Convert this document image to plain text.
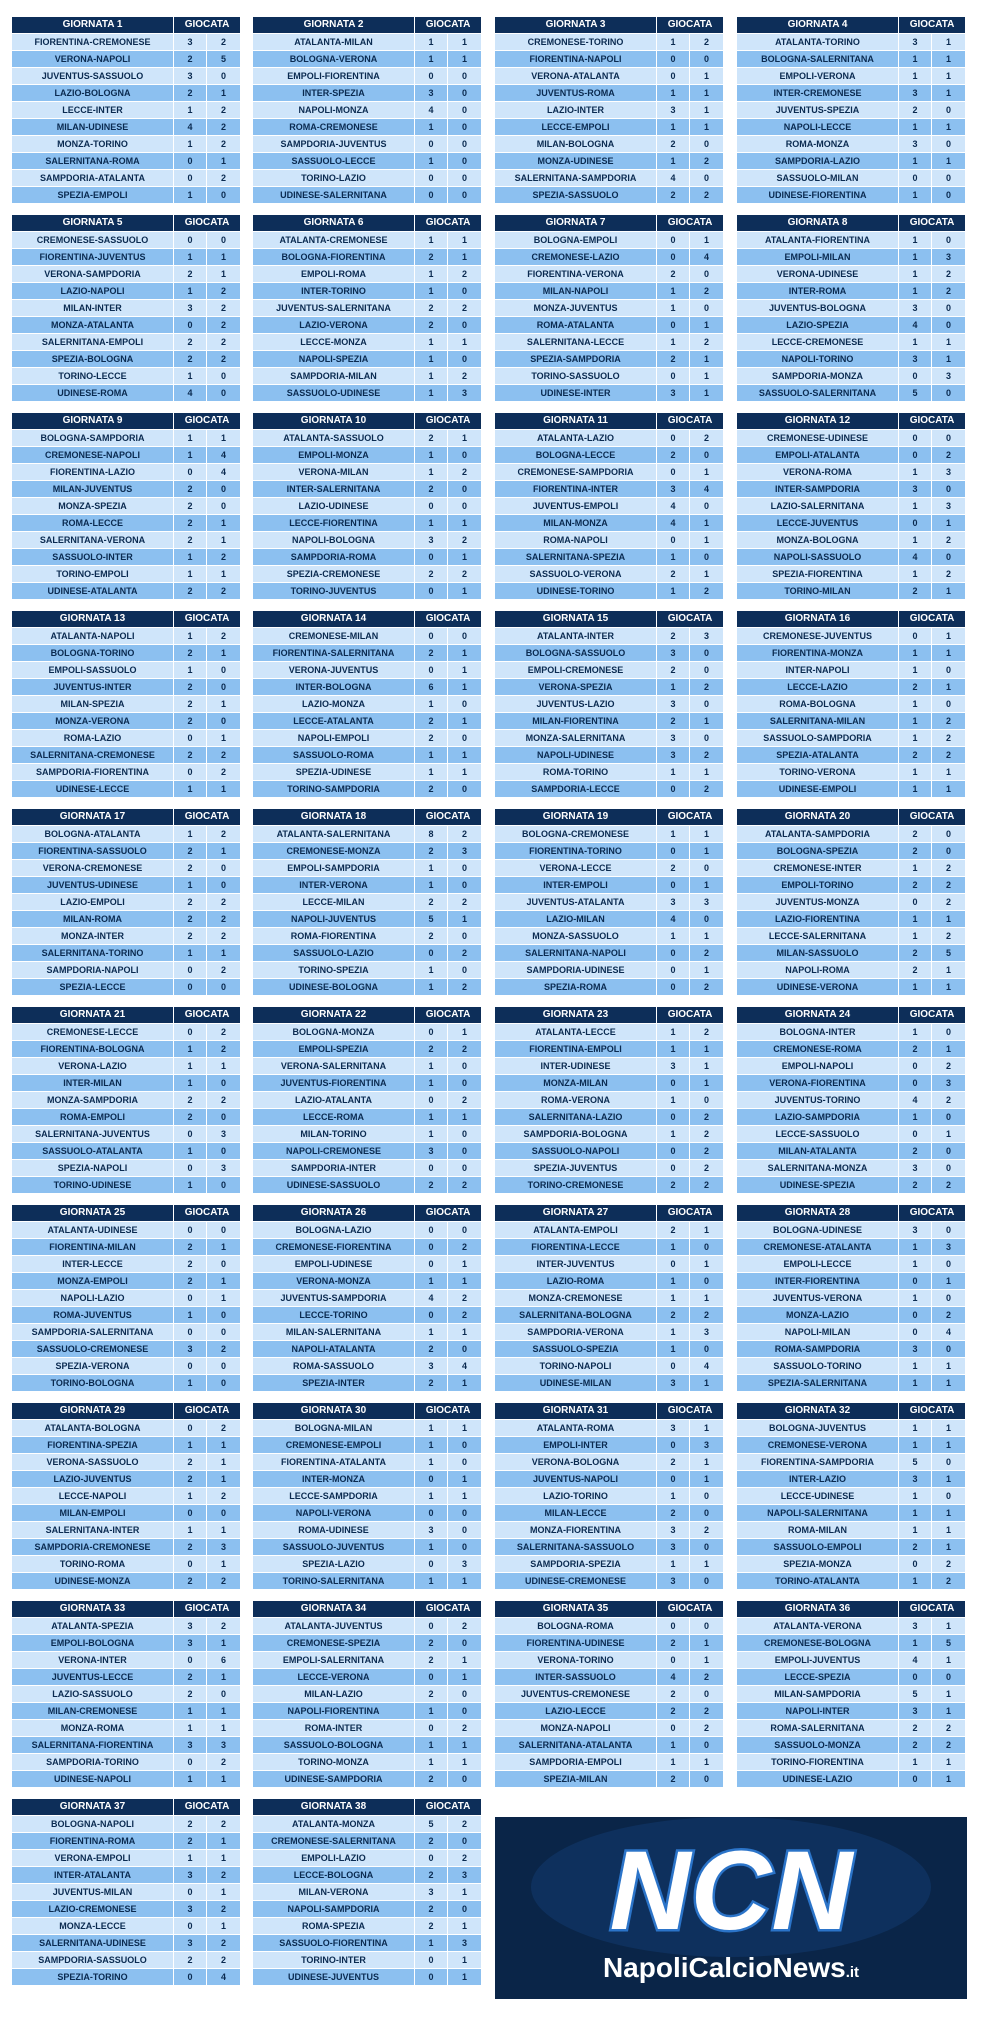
GIORNATA 1	GIOCATA	
FIORENTINA-CREMONESE	3	2
VERONA-NAPOLI	2	5
JUVENTUS-SASSUOLO	3	0
LAZIO-BOLOGNA	2	1
LECCE-INTER	1	2
MILAN-UDINESE	4	2
MONZA-TORINO	1	2
SALERNITANA-ROMA	0	1
SAMPDORIA-ATALANTA	0	2
SPEZIA-EMPOLI	1	0
GIORNATA 2	GIOCATA	
ATALANTA-MILAN	1	1
BOLOGNA-VERONA	1	1
EMPOLI-FIORENTINA	0	0
INTER-SPEZIA	3	0
NAPOLI-MONZA	4	0
ROMA-CREMONESE	1	0
SAMPDORIA-JUVENTUS	0	0
SASSUOLO-LECCE	1	0
TORINO-LAZIO	0	0
UDINESE-SALERNITANA	0	0
GIORNATA 3	GIOCATA	
CREMONESE-TORINO	1	2
FIORENTINA-NAPOLI	0	0
VERONA-ATALANTA	0	1
JUVENTUS-ROMA	1	1
LAZIO-INTER	3	1
LECCE-EMPOLI	1	1
MILAN-BOLOGNA	2	0
MONZA-UDINESE	1	2
SALERNITANA-SAMPDORIA	4	0
SPEZIA-SASSUOLO	2	2
GIORNATA 4	GIOCATA	
ATALANTA-TORINO	3	1
BOLOGNA-SALERNITANA	1	1
EMPOLI-VERONA	1	1
INTER-CREMONESE	3	1
JUVENTUS-SPEZIA	2	0
NAPOLI-LECCE	1	1
ROMA-MONZA	3	0
SAMPDORIA-LAZIO	1	1
SASSUOLO-MILAN	0	0
UDINESE-FIORENTINA	1	0
GIORNATA 5	GIOCATA	
CREMONESE-SASSUOLO	0	0
FIORENTINA-JUVENTUS	1	1
VERONA-SAMPDORIA	2	1
LAZIO-NAPOLI	1	2
MILAN-INTER	3	2
MONZA-ATALANTA	0	2
SALERNITANA-EMPOLI	2	2
SPEZIA-BOLOGNA	2	2
TORINO-LECCE	1	0
UDINESE-ROMA	4	0
GIORNATA 6	GIOCATA	
ATALANTA-CREMONESE	1	1
BOLOGNA-FIORENTINA	2	1
EMPOLI-ROMA	1	2
INTER-TORINO	1	0
JUVENTUS-SALERNITANA	2	2
LAZIO-VERONA	2	0
LECCE-MONZA	1	1
NAPOLI-SPEZIA	1	0
SAMPDORIA-MILAN	1	2
SASSUOLO-UDINESE	1	3
GIORNATA 7	GIOCATA	
BOLOGNA-EMPOLI	0	1
CREMONESE-LAZIO	0	4
FIORENTINA-VERONA	2	0
MILAN-NAPOLI	1	2
MONZA-JUVENTUS	1	0
ROMA-ATALANTA	0	1
SALERNITANA-LECCE	1	2
SPEZIA-SAMPDORIA	2	1
TORINO-SASSUOLO	0	1
UDINESE-INTER	3	1
GIORNATA 8	GIOCATA	
ATALANTA-FIORENTINA	1	0
EMPOLI-MILAN	1	3
VERONA-UDINESE	1	2
INTER-ROMA	1	2
JUVENTUS-BOLOGNA	3	0
LAZIO-SPEZIA	4	0
LECCE-CREMONESE	1	1
NAPOLI-TORINO	3	1
SAMPDORIA-MONZA	0	3
SASSUOLO-SALERNITANA	5	0
GIORNATA 9	GIOCATA	
BOLOGNA-SAMPDORIA	1	1
CREMONESE-NAPOLI	1	4
FIORENTINA-LAZIO	0	4
MILAN-JUVENTUS	2	0
MONZA-SPEZIA	2	0
ROMA-LECCE	2	1
SALERNITANA-VERONA	2	1
SASSUOLO-INTER	1	2
TORINO-EMPOLI	1	1
UDINESE-ATALANTA	2	2
GIORNATA 10	GIOCATA	
ATALANTA-SASSUOLO	2	1
EMPOLI-MONZA	1	0
VERONA-MILAN	1	2
INTER-SALERNITANA	2	0
LAZIO-UDINESE	0	0
LECCE-FIORENTINA	1	1
NAPOLI-BOLOGNA	3	2
SAMPDORIA-ROMA	0	1
SPEZIA-CREMONESE	2	2
TORINO-JUVENTUS	0	1
GIORNATA 11	GIOCATA	
ATALANTA-LAZIO	0	2
BOLOGNA-LECCE	2	0
CREMONESE-SAMPDORIA	0	1
FIORENTINA-INTER	3	4
JUVENTUS-EMPOLI	4	0
MILAN-MONZA	4	1
ROMA-NAPOLI	0	1
SALERNITANA-SPEZIA	1	0
SASSUOLO-VERONA	2	1
UDINESE-TORINO	1	2
GIORNATA 12	GIOCATA	
CREMONESE-UDINESE	0	0
EMPOLI-ATALANTA	0	2
VERONA-ROMA	1	3
INTER-SAMPDORIA	3	0
LAZIO-SALERNITANA	1	3
LECCE-JUVENTUS	0	1
MONZA-BOLOGNA	1	2
NAPOLI-SASSUOLO	4	0
SPEZIA-FIORENTINA	1	2
TORINO-MILAN	2	1
GIORNATA 13	GIOCATA	
ATALANTA-NAPOLI	1	2
BOLOGNA-TORINO	2	1
EMPOLI-SASSUOLO	1	0
JUVENTUS-INTER	2	0
MILAN-SPEZIA	2	1
MONZA-VERONA	2	0
ROMA-LAZIO	0	1
SALERNITANA-CREMONESE	2	2
SAMPDORIA-FIORENTINA	0	2
UDINESE-LECCE	1	1
GIORNATA 14	GIOCATA	
CREMONESE-MILAN	0	0
FIORENTINA-SALERNITANA	2	1
VERONA-JUVENTUS	0	1
INTER-BOLOGNA	6	1
LAZIO-MONZA	1	0
LECCE-ATALANTA	2	1
NAPOLI-EMPOLI	2	0
SASSUOLO-ROMA	1	1
SPEZIA-UDINESE	1	1
TORINO-SAMPDORIA	2	0
GIORNATA 15	GIOCATA	
ATALANTA-INTER	2	3
BOLOGNA-SASSUOLO	3	0
EMPOLI-CREMONESE	2	0
VERONA-SPEZIA	1	2
JUVENTUS-LAZIO	3	0
MILAN-FIORENTINA	2	1
MONZA-SALERNITANA	3	0
NAPOLI-UDINESE	3	2
ROMA-TORINO	1	1
SAMPDORIA-LECCE	0	2
GIORNATA 16	GIOCATA	
CREMONESE-JUVENTUS	0	1
FIORENTINA-MONZA	1	1
INTER-NAPOLI	1	0
LECCE-LAZIO	2	1
ROMA-BOLOGNA	1	0
SALERNITANA-MILAN	1	2
SASSUOLO-SAMPDORIA	1	2
SPEZIA-ATALANTA	2	2
TORINO-VERONA	1	1
UDINESE-EMPOLI	1	1
GIORNATA 17	GIOCATA	
BOLOGNA-ATALANTA	1	2
FIORENTINA-SASSUOLO	2	1
VERONA-CREMONESE	2	0
JUVENTUS-UDINESE	1	0
LAZIO-EMPOLI	2	2
MILAN-ROMA	2	2
MONZA-INTER	2	2
SALERNITANA-TORINO	1	1
SAMPDORIA-NAPOLI	0	2
SPEZIA-LECCE	0	0
GIORNATA 18	GIOCATA	
ATALANTA-SALERNITANA	8	2
CREMONESE-MONZA	2	3
EMPOLI-SAMPDORIA	1	0
INTER-VERONA	1	0
LECCE-MILAN	2	2
NAPOLI-JUVENTUS	5	1
ROMA-FIORENTINA	2	0
SASSUOLO-LAZIO	0	2
TORINO-SPEZIA	1	0
UDINESE-BOLOGNA	1	2
GIORNATA 19	GIOCATA	
BOLOGNA-CREMONESE	1	1
FIORENTINA-TORINO	0	1
VERONA-LECCE	2	0
INTER-EMPOLI	0	1
JUVENTUS-ATALANTA	3	3
LAZIO-MILAN	4	0
MONZA-SASSUOLO	1	1
SALERNITANA-NAPOLI	0	2
SAMPDORIA-UDINESE	0	1
SPEZIA-ROMA	0	2
GIORNATA 20	GIOCATA	
ATALANTA-SAMPDORIA	2	0
BOLOGNA-SPEZIA	2	0
CREMONESE-INTER	1	2
EMPOLI-TORINO	2	2
JUVENTUS-MONZA	0	2
LAZIO-FIORENTINA	1	1
LECCE-SALERNITANA	1	2
MILAN-SASSUOLO	2	5
NAPOLI-ROMA	2	1
UDINESE-VERONA	1	1
GIORNATA 21	GIOCATA	
CREMONESE-LECCE	0	2
FIORENTINA-BOLOGNA	1	2
VERONA-LAZIO	1	1
INTER-MILAN	1	0
MONZA-SAMPDORIA	2	2
ROMA-EMPOLI	2	0
SALERNITANA-JUVENTUS	0	3
SASSUOLO-ATALANTA	1	0
SPEZIA-NAPOLI	0	3
TORINO-UDINESE	1	0
GIORNATA 22	GIOCATA	
BOLOGNA-MONZA	0	1
EMPOLI-SPEZIA	2	2
VERONA-SALERNITANA	1	0
JUVENTUS-FIORENTINA	1	0
LAZIO-ATALANTA	0	2
LECCE-ROMA	1	1
MILAN-TORINO	1	0
NAPOLI-CREMONESE	3	0
SAMPDORIA-INTER	0	0
UDINESE-SASSUOLO	2	2
GIORNATA 23	GIOCATA	
ATALANTA-LECCE	1	2
FIORENTINA-EMPOLI	1	1
INTER-UDINESE	3	1
MONZA-MILAN	0	1
ROMA-VERONA	1	0
SALERNITANA-LAZIO	0	2
SAMPDORIA-BOLOGNA	1	2
SASSUOLO-NAPOLI	0	2
SPEZIA-JUVENTUS	0	2
TORINO-CREMONESE	2	2
GIORNATA 24	GIOCATA	
BOLOGNA-INTER	1	0
CREMONESE-ROMA	2	1
EMPOLI-NAPOLI	0	2
VERONA-FIORENTINA	0	3
JUVENTUS-TORINO	4	2
LAZIO-SAMPDORIA	1	0
LECCE-SASSUOLO	0	1
MILAN-ATALANTA	2	0
SALERNITANA-MONZA	3	0
UDINESE-SPEZIA	2	2
GIORNATA 25	GIOCATA	
ATALANTA-UDINESE	0	0
FIORENTINA-MILAN	2	1
INTER-LECCE	2	0
MONZA-EMPOLI	2	1
NAPOLI-LAZIO	0	1
ROMA-JUVENTUS	1	0
SAMPDORIA-SALERNITANA	0	0
SASSUOLO-CREMONESE	3	2
SPEZIA-VERONA	0	0
TORINO-BOLOGNA	1	0
GIORNATA 26	GIOCATA	
BOLOGNA-LAZIO	0	0
CREMONESE-FIORENTINA	0	2
EMPOLI-UDINESE	0	1
VERONA-MONZA	1	1
JUVENTUS-SAMPDORIA	4	2
LECCE-TORINO	0	2
MILAN-SALERNITANA	1	1
NAPOLI-ATALANTA	2	0
ROMA-SASSUOLO	3	4
SPEZIA-INTER	2	1
GIORNATA 27	GIOCATA	
ATALANTA-EMPOLI	2	1
FIORENTINA-LECCE	1	0
INTER-JUVENTUS	0	1
LAZIO-ROMA	1	0
MONZA-CREMONESE	1	1
SALERNITANA-BOLOGNA	2	2
SAMPDORIA-VERONA	1	3
SASSUOLO-SPEZIA	1	0
TORINO-NAPOLI	0	4
UDINESE-MILAN	3	1
GIORNATA 28	GIOCATA	
BOLOGNA-UDINESE	3	0
CREMONESE-ATALANTA	1	3
EMPOLI-LECCE	1	0
INTER-FIORENTINA	0	1
JUVENTUS-VERONA	1	0
MONZA-LAZIO	0	2
NAPOLI-MILAN	0	4
ROMA-SAMPDORIA	3	0
SASSUOLO-TORINO	1	1
SPEZIA-SALERNITANA	1	1
GIORNATA 29	GIOCATA	
ATALANTA-BOLOGNA	0	2
FIORENTINA-SPEZIA	1	1
VERONA-SASSUOLO	2	1
LAZIO-JUVENTUS	2	1
LECCE-NAPOLI	1	2
MILAN-EMPOLI	0	0
SALERNITANA-INTER	1	1
SAMPDORIA-CREMONESE	2	3
TORINO-ROMA	0	1
UDINESE-MONZA	2	2
GIORNATA 30	GIOCATA	
BOLOGNA-MILAN	1	1
CREMONESE-EMPOLI	1	0
FIORENTINA-ATALANTA	1	0
INTER-MONZA	0	1
LECCE-SAMPDORIA	1	1
NAPOLI-VERONA	0	0
ROMA-UDINESE	3	0
SASSUOLO-JUVENTUS	1	0
SPEZIA-LAZIO	0	3
TORINO-SALERNITANA	1	1
GIORNATA 31	GIOCATA	
ATALANTA-ROMA	3	1
EMPOLI-INTER	0	3
VERONA-BOLOGNA	2	1
JUVENTUS-NAPOLI	0	1
LAZIO-TORINO	1	0
MILAN-LECCE	2	0
MONZA-FIORENTINA	3	2
SALERNITANA-SASSUOLO	3	0
SAMPDORIA-SPEZIA	1	1
UDINESE-CREMONESE	3	0
GIORNATA 32	GIOCATA	
BOLOGNA-JUVENTUS	1	1
CREMONESE-VERONA	1	1
FIORENTINA-SAMPDORIA	5	0
INTER-LAZIO	3	1
LECCE-UDINESE	1	0
NAPOLI-SALERNITANA	1	1
ROMA-MILAN	1	1
SASSUOLO-EMPOLI	2	1
SPEZIA-MONZA	0	2
TORINO-ATALANTA	1	2
GIORNATA 33	GIOCATA	
ATALANTA-SPEZIA	3	2
EMPOLI-BOLOGNA	3	1
VERONA-INTER	0	6
JUVENTUS-LECCE	2	1
LAZIO-SASSUOLO	2	0
MILAN-CREMONESE	1	1
MONZA-ROMA	1	1
SALERNITANA-FIORENTINA	3	3
SAMPDORIA-TORINO	0	2
UDINESE-NAPOLI	1	1
GIORNATA 34	GIOCATA	
ATALANTA-JUVENTUS	0	2
CREMONESE-SPEZIA	2	0
EMPOLI-SALERNITANA	2	1
LECCE-VERONA	0	1
MILAN-LAZIO	2	0
NAPOLI-FIORENTINA	1	0
ROMA-INTER	0	2
SASSUOLO-BOLOGNA	1	1
TORINO-MONZA	1	1
UDINESE-SAMPDORIA	2	0
GIORNATA 35	GIOCATA	
BOLOGNA-ROMA	0	0
FIORENTINA-UDINESE	2	1
VERONA-TORINO	0	1
INTER-SASSUOLO	4	2
JUVENTUS-CREMONESE	2	0
LAZIO-LECCE	2	2
MONZA-NAPOLI	0	2
SALERNITANA-ATALANTA	1	0
SAMPDORIA-EMPOLI	1	1
SPEZIA-MILAN	2	0
GIORNATA 36	GIOCATA	
ATALANTA-VERONA	3	1
CREMONESE-BOLOGNA	1	5
EMPOLI-JUVENTUS	4	1
LECCE-SPEZIA	0	0
MILAN-SAMPDORIA	5	1
NAPOLI-INTER	3	1
ROMA-SALERNITANA	2	2
SASSUOLO-MONZA	2	2
TORINO-FIORENTINA	1	1
UDINESE-LAZIO	0	1
GIORNATA 37	GIOCATA	
BOLOGNA-NAPOLI	2	2
FIORENTINA-ROMA	2	1
VERONA-EMPOLI	1	1
INTER-ATALANTA	3	2
JUVENTUS-MILAN	0	1
LAZIO-CREMONESE	3	2
MONZA-LECCE	0	1
SALERNITANA-UDINESE	3	2
SAMPDORIA-SASSUOLO	2	2
SPEZIA-TORINO	0	4
GIORNATA 38	GIOCATA	
ATALANTA-MONZA	5	2
CREMONESE-SALERNITANA	2	0
EMPOLI-LAZIO	0	2
LECCE-BOLOGNA	2	3
MILAN-VERONA	3	1
NAPOLI-SAMPDORIA	2	0
ROMA-SPEZIA	2	1
SASSUOLO-FIORENTINA	1	3
TORINO-INTER	0	1
UDINESE-JUVENTUS	0	1
NCN
NapoliCalcioNews.it
